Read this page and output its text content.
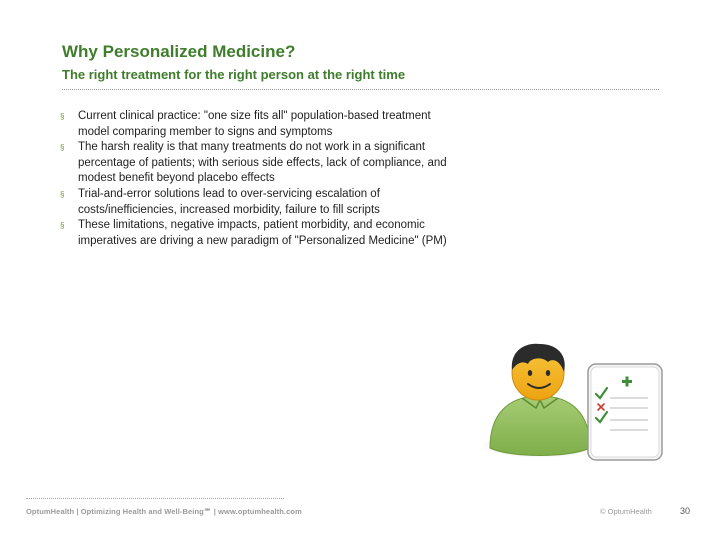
Why Personalized Medicine?
The right treatment for the right person at the right time
§	Current clinical practice: "one size fits all" population-based treatment model comparing member to signs and symptoms
§	The harsh reality is that many treatments do not work in a significant percentage of patients; with serious side effects, lack of compliance, and modest benefit beyond placebo effects
§	Trial-and-error solutions lead to over-servicing escalation of costs/inefficiencies, increased morbidity, failure to fill scripts
§	These limitations, negative impacts, patient morbidity, and economic imperatives are driving a new paradigm of "Personalized Medicine" (PM)
OptumHealth | Optimizing Health and Well-Being℠ | www.optumhealth.com	© OptumHealth	30
